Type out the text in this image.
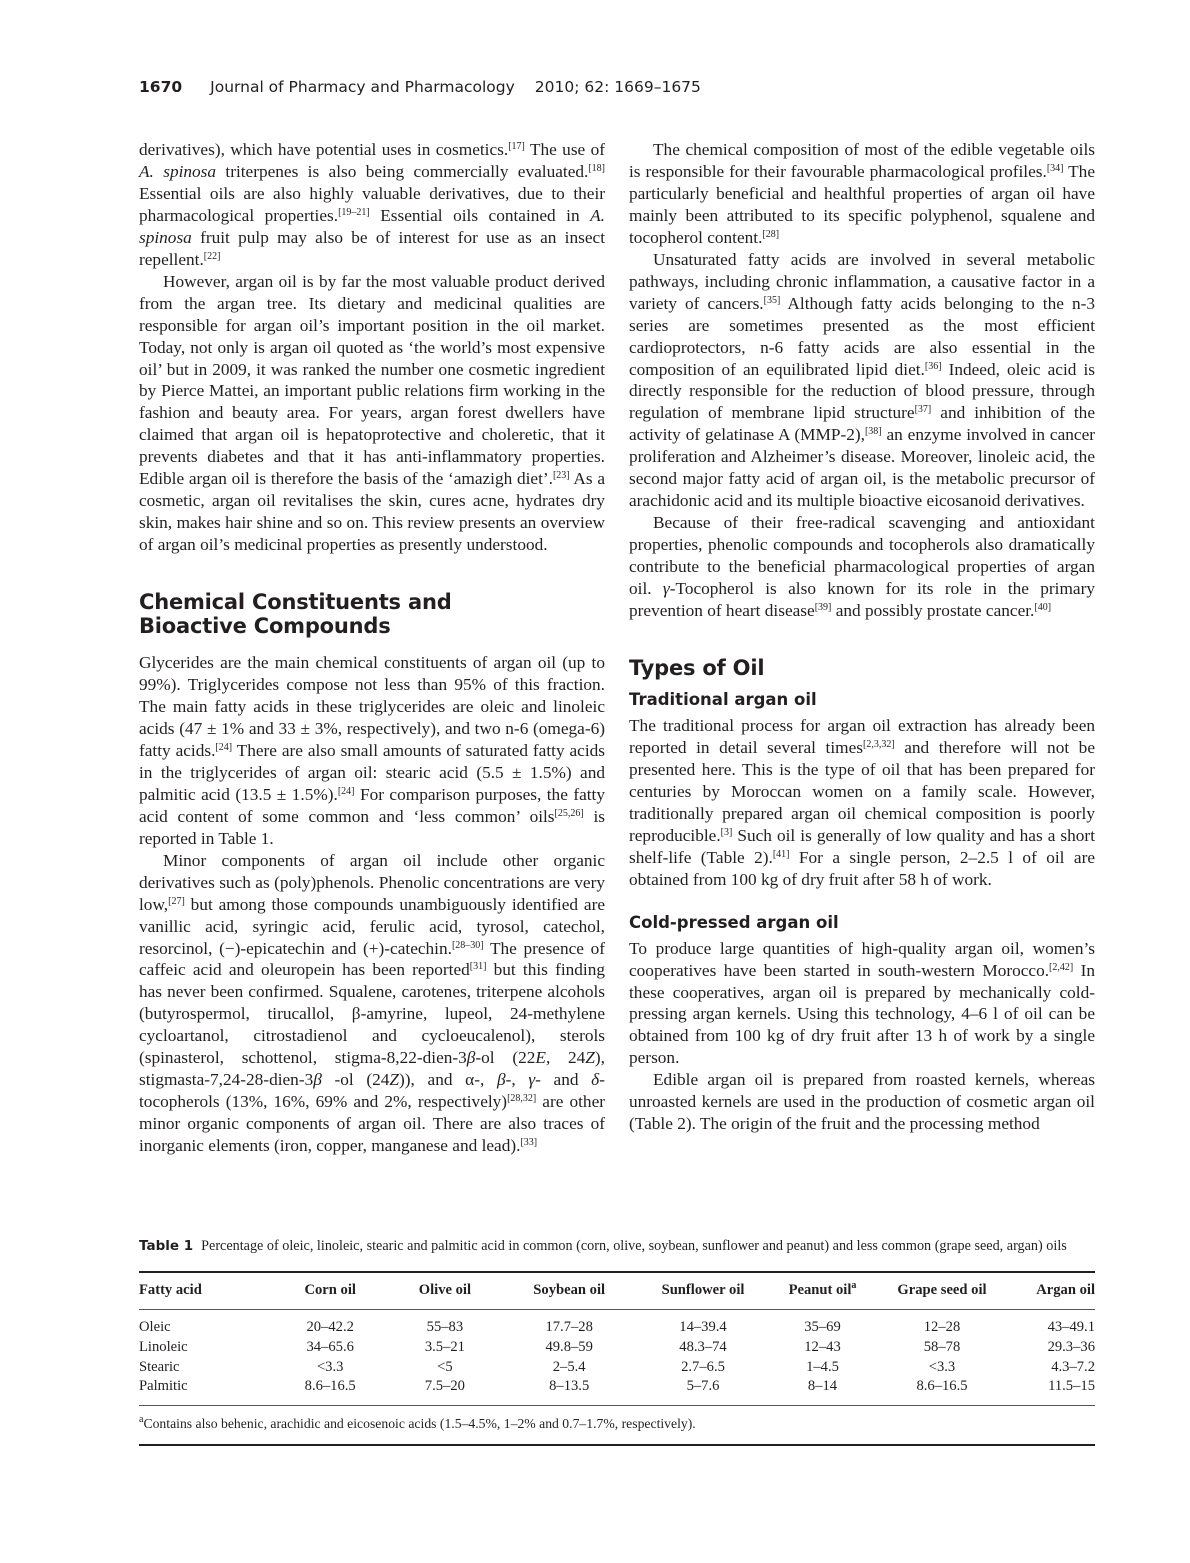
1670 Journal of Pharmacy and Pharmacology 2010; 62: 1669–1675

derivatives), which have potential uses in cosmetics.[17] The use of A. spinosa triterpenes is also being commercially evaluated.[18] Essential oils are also highly valuable derivatives, due to their pharmacological properties.[19–21] Essential oils contained in A. spinosa fruit pulp may also be of interest for use as an insect repellent.[22]

However, argan oil is by far the most valuable product derived from the argan tree. Its dietary and medicinal qualities are responsible for argan oil’s important position in the oil market. Today, not only is argan oil quoted as ‘the world’s most expensive oil’ but in 2009, it was ranked the number one cosmetic ingredient by Pierce Mattei, an important public relations firm working in the fashion and beauty area. For years, argan forest dwellers have claimed that argan oil is hepatoprotective and choleretic, that it prevents diabetes and that it has anti-inflammatory properties. Edible argan oil is therefore the basis of the ‘amazigh diet’.[23] As a cosmetic, argan oil revitalises the skin, cures acne, hydrates dry skin, makes hair shine and so on. This review presents an overview of argan oil’s medicinal properties as presently understood.

Chemical Constituents and
Bioactive Compounds

Glycerides are the main chemical constituents of argan oil (up to 99%). Triglycerides compose not less than 95% of this fraction. The main fatty acids in these triglycerides are oleic and linoleic acids (47 ± 1% and 33 ± 3%, respectively), and two n-6 (omega-6) fatty acids.[24] There are also small amounts of saturated fatty acids in the triglycerides of argan oil: stearic acid (5.5 ± 1.5%) and palmitic acid (13.5 ± 1.5%).[24] For comparison purposes, the fatty acid content of some common and ‘less common’ oils[25,26] is reported in Table 1.

Minor components of argan oil include other organic derivatives such as (poly)phenols. Phenolic concentrations are very low,[27] but among those compounds unambiguously identified are vanillic acid, syringic acid, ferulic acid, tyrosol, catechol, resorcinol, (−)-epicatechin and (+)-catechin.[28–30] The presence of caffeic acid and oleuropein has been reported[31] but this finding has never been confirmed. Squalene, carotenes, triterpene alcohols (butyrospermol, tirucallol, β-amyrine, lupeol, 24-methylene cycloartanol, citrostadienol and cycloeucalenol), sterols (spinasterol, schottenol, stigma-8,22-dien-3β-ol (22E, 24Z), stigmasta-7,24-28-dien-3β -ol (24Z)), and α-, β-, γ- and δ-tocopherols (13%, 16%, 69% and 2%, respectively)[28,32] are other minor organic components of argan oil. There are also traces of inorganic elements (iron, copper, manganese and lead).[33]

The chemical composition of most of the edible vegetable oils is responsible for their favourable pharmacological profiles.[34] The particularly beneficial and healthful properties of argan oil have mainly been attributed to its specific polyphenol, squalene and tocopherol content.[28]

Unsaturated fatty acids are involved in several metabolic pathways, including chronic inflammation, a causative factor in a variety of cancers.[35] Although fatty acids belonging to the n-3 series are sometimes presented as the most efficient cardioprotectors, n-6 fatty acids are also essential in the composition of an equilibrated lipid diet.[36] Indeed, oleic acid is directly responsible for the reduction of blood pressure, through regulation of membrane lipid structure[37] and inhibition of the activity of gelatinase A (MMP-2),[38] an enzyme involved in cancer proliferation and Alzheimer’s disease. Moreover, linoleic acid, the second major fatty acid of argan oil, is the metabolic precursor of arachidonic acid and its multiple bioactive eicosanoid derivatives.

Because of their free-radical scavenging and antioxidant properties, phenolic compounds and tocopherols also dramatically contribute to the beneficial pharmacological properties of argan oil. γ-Tocopherol is also known for its role in the primary prevention of heart disease[39] and possibly prostate cancer.[40]

Types of Oil
Traditional argan oil

The traditional process for argan oil extraction has already been reported in detail several times[2,3,32] and therefore will not be presented here. This is the type of oil that has been prepared for centuries by Moroccan women on a family scale. However, traditionally prepared argan oil chemical composition is poorly reproducible.[3] Such oil is generally of low quality and has a short shelf-life (Table 2).[41] For a single person, 2–2.5 l of oil are obtained from 100 kg of dry fruit after 58 h of work.

Cold-pressed argan oil

To produce large quantities of high-quality argan oil, women’s cooperatives have been started in south-western Morocco.[2,42] In these cooperatives, argan oil is prepared by mechanically cold-pressing argan kernels. Using this technology, 4–6 l of oil can be obtained from 100 kg of dry fruit after 13 h of work by a single person.

Edible argan oil is prepared from roasted kernels, whereas unroasted kernels are used in the production of cosmetic argan oil (Table 2). The origin of the fruit and the processing method

Table 1 Percentage of oleic, linoleic, stearic and palmitic acid in common (corn, olive, soybean, sunflower and peanut) and less common (grape seed, argan) oils

Fatty acid	Corn oil	Olive oil	Soybean oil	Sunflower oil	Peanut oil$^a$	Grape seed oil	Argan oil
Oleic	20–42.2	55–83	17.7–28	14–39.4	35–69	12–28	43–49.1
Linoleic	34–65.6	3.5–21	49.8–59	48.3–74	12–43	58–78	29.3–36
Stearic	<3.3	<5	2–5.4	2.7–6.5	1–4.5	<3.3	4.3–7.2
Palmitic	8.6–16.5	7.5–20	8–13.5	5–7.6	8–14	8.6–16.5	11.5–15
$^a$Contains also behenic, arachidic and eicosenoic acids (1.5–4.5%, 1–2% and 0.7–1.7%, respectively).
